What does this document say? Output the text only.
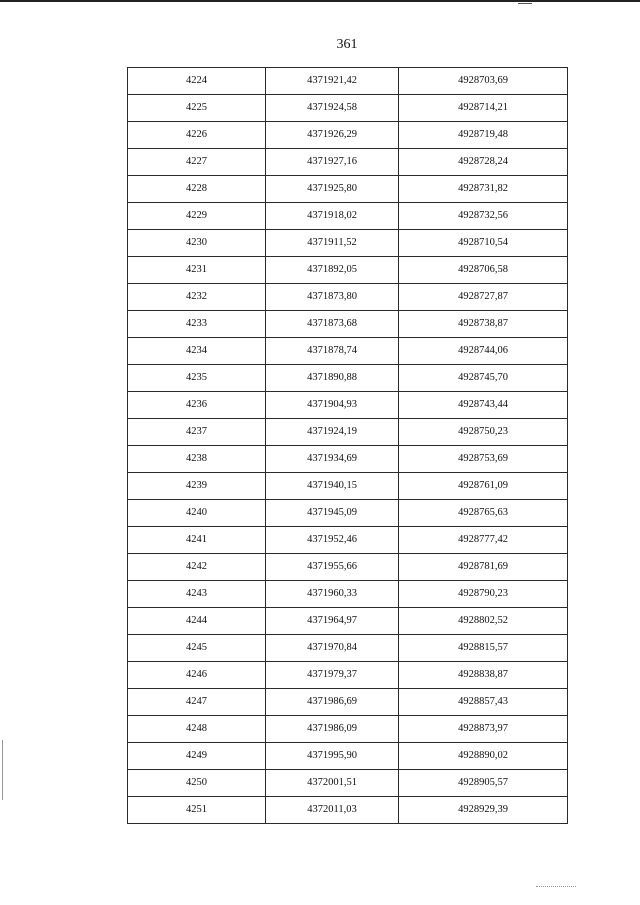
361
4224	4371921,42	4928703,69
4225	4371924,58	4928714,21
4226	4371926,29	4928719,48
4227	4371927,16	4928728,24
4228	4371925,80	4928731,82
4229	4371918,02	4928732,56
4230	4371911,52	4928710,54
4231	4371892,05	4928706,58
4232	4371873,80	4928727,87
4233	4371873,68	4928738,87
4234	4371878,74	4928744,06
4235	4371890,88	4928745,70
4236	4371904,93	4928743,44
4237	4371924,19	4928750,23
4238	4371934,69	4928753,69
4239	4371940,15	4928761,09
4240	4371945,09	4928765,63
4241	4371952,46	4928777,42
4242	4371955,66	4928781,69
4243	4371960,33	4928790,23
4244	4371964,97	4928802,52
4245	4371970,84	4928815,57
4246	4371979,37	4928838,87
4247	4371986,69	4928857,43
4248	4371986,09	4928873,97
4249	4371995,90	4928890,02
4250	4372001,51	4928905,57
4251	4372011,03	4928929,39
